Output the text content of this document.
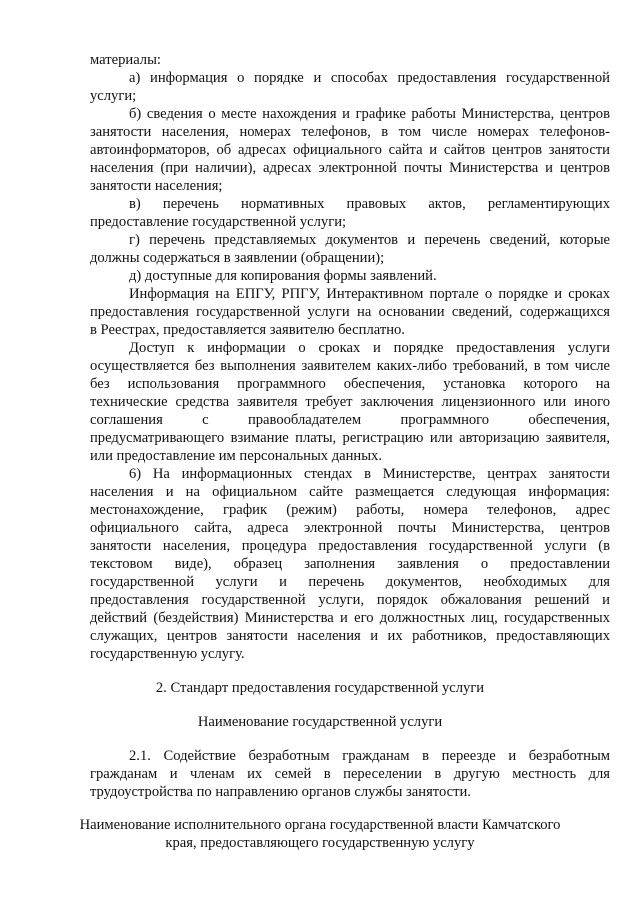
материалы:
а) информация о порядке и способах предоставления государственной
услуги;
б) сведения о месте нахождения и графике работы Министерства, центров
занятости населения, номерах телефонов, в том числе номерах телефонов-
автоинформаторов, об адресах официального сайта и сайтов центров занятости
населения (при наличии), адресах электронной почты Министерства и центров
занятости населения;
в) перечень нормативных правовых актов, регламентирующих
предоставление государственной услуги;
г) перечень представляемых документов и перечень сведений, которые
должны содержаться в заявлении (обращении);
д) доступные для копирования формы заявлений.
Информация на ЕПГУ, РПГУ, Интерактивном портале о порядке и сроках
предоставления государственной услуги на основании сведений, содержащихся
в Реестрах, предоставляется заявителю бесплатно.
Доступ к информации о сроках и порядке предоставления услуги
осуществляется без выполнения заявителем каких-либо требований, в том числе
без использования программного обеспечения, установка которого на
технические средства заявителя требует заключения лицензионного или иного
соглашения с правообладателем программного обеспечения,
предусматривающего взимание платы, регистрацию или авторизацию заявителя,
или предоставление им персональных данных.
6) На информационных стендах в Министерстве, центрах занятости
населения и на официальном сайте размещается следующая информация:
местонахождение, график (режим) работы, номера телефонов, адрес
официального сайта, адреса электронной почты Министерства, центров
занятости населения, процедура предоставления государственной услуги (в
текстовом виде), образец заполнения заявления о предоставлении
государственной услуги и перечень документов, необходимых для
предоставления государственной услуги, порядок обжалования решений и
действий (бездействия) Министерства и его должностных лиц, государственных
служащих, центров занятости населения и их работников, предоставляющих
государственную услугу.
2. Стандарт предоставления государственной услуги
Наименование государственной услуги
2.1. Содействие безработным гражданам в переезде и безработным
гражданам и членам их семей в переселении в другую местность для
трудоустройства по направлению органов службы занятости.
Наименование исполнительного органа государственной власти Камчатского
края, предоставляющего государственную услугу
